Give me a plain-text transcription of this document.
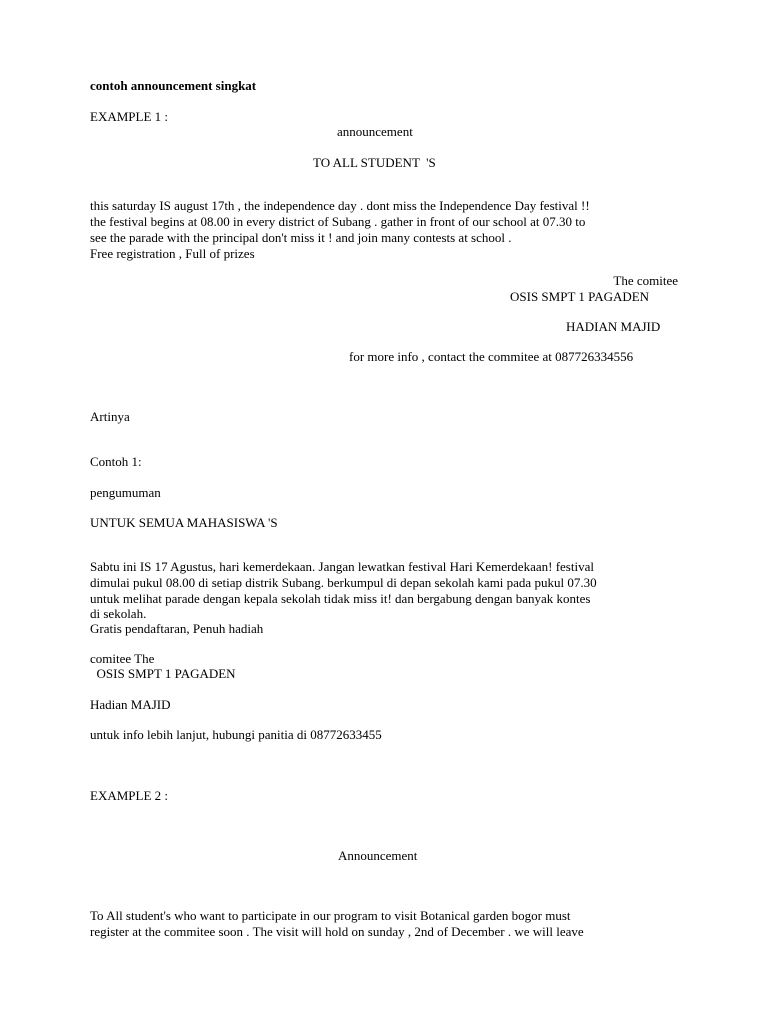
contoh announcement singkat

EXAMPLE 1 :

announcement

TO ALL STUDENT  'S

this saturday IS august 17th , the independence day . dont miss the Independence Day festival !!

the festival begins at 08.00 in every district of Subang . gather in front of our school at 07.30 to

see the parade with the principal don't miss it ! and join many contests at school .

Free registration , Full of prizes

The comitee

OSIS SMPT 1 PAGADEN

HADIAN MAJID

for more info , contact the commitee at 087726334556

Artinya

Contoh 1:

pengumuman

UNTUK SEMUA MAHASISWA 'S

Sabtu ini IS 17 Agustus, hari kemerdekaan. Jangan lewatkan festival Hari Kemerdekaan! festival

dimulai pukul 08.00 di setiap distrik Subang. berkumpul di depan sekolah kami pada pukul 07.30

untuk melihat parade dengan kepala sekolah tidak miss it! dan bergabung dengan banyak kontes

di sekolah.

Gratis pendaftaran, Penuh hadiah

comitee The

OSIS SMPT 1 PAGADEN

Hadian MAJID

untuk info lebih lanjut, hubungi panitia di 08772633455

EXAMPLE 2 :

Announcement

To All student's who want to participate in our program to visit Botanical garden bogor must

register at the commitee soon . The visit will hold on sunday , 2nd of December . we will leave
